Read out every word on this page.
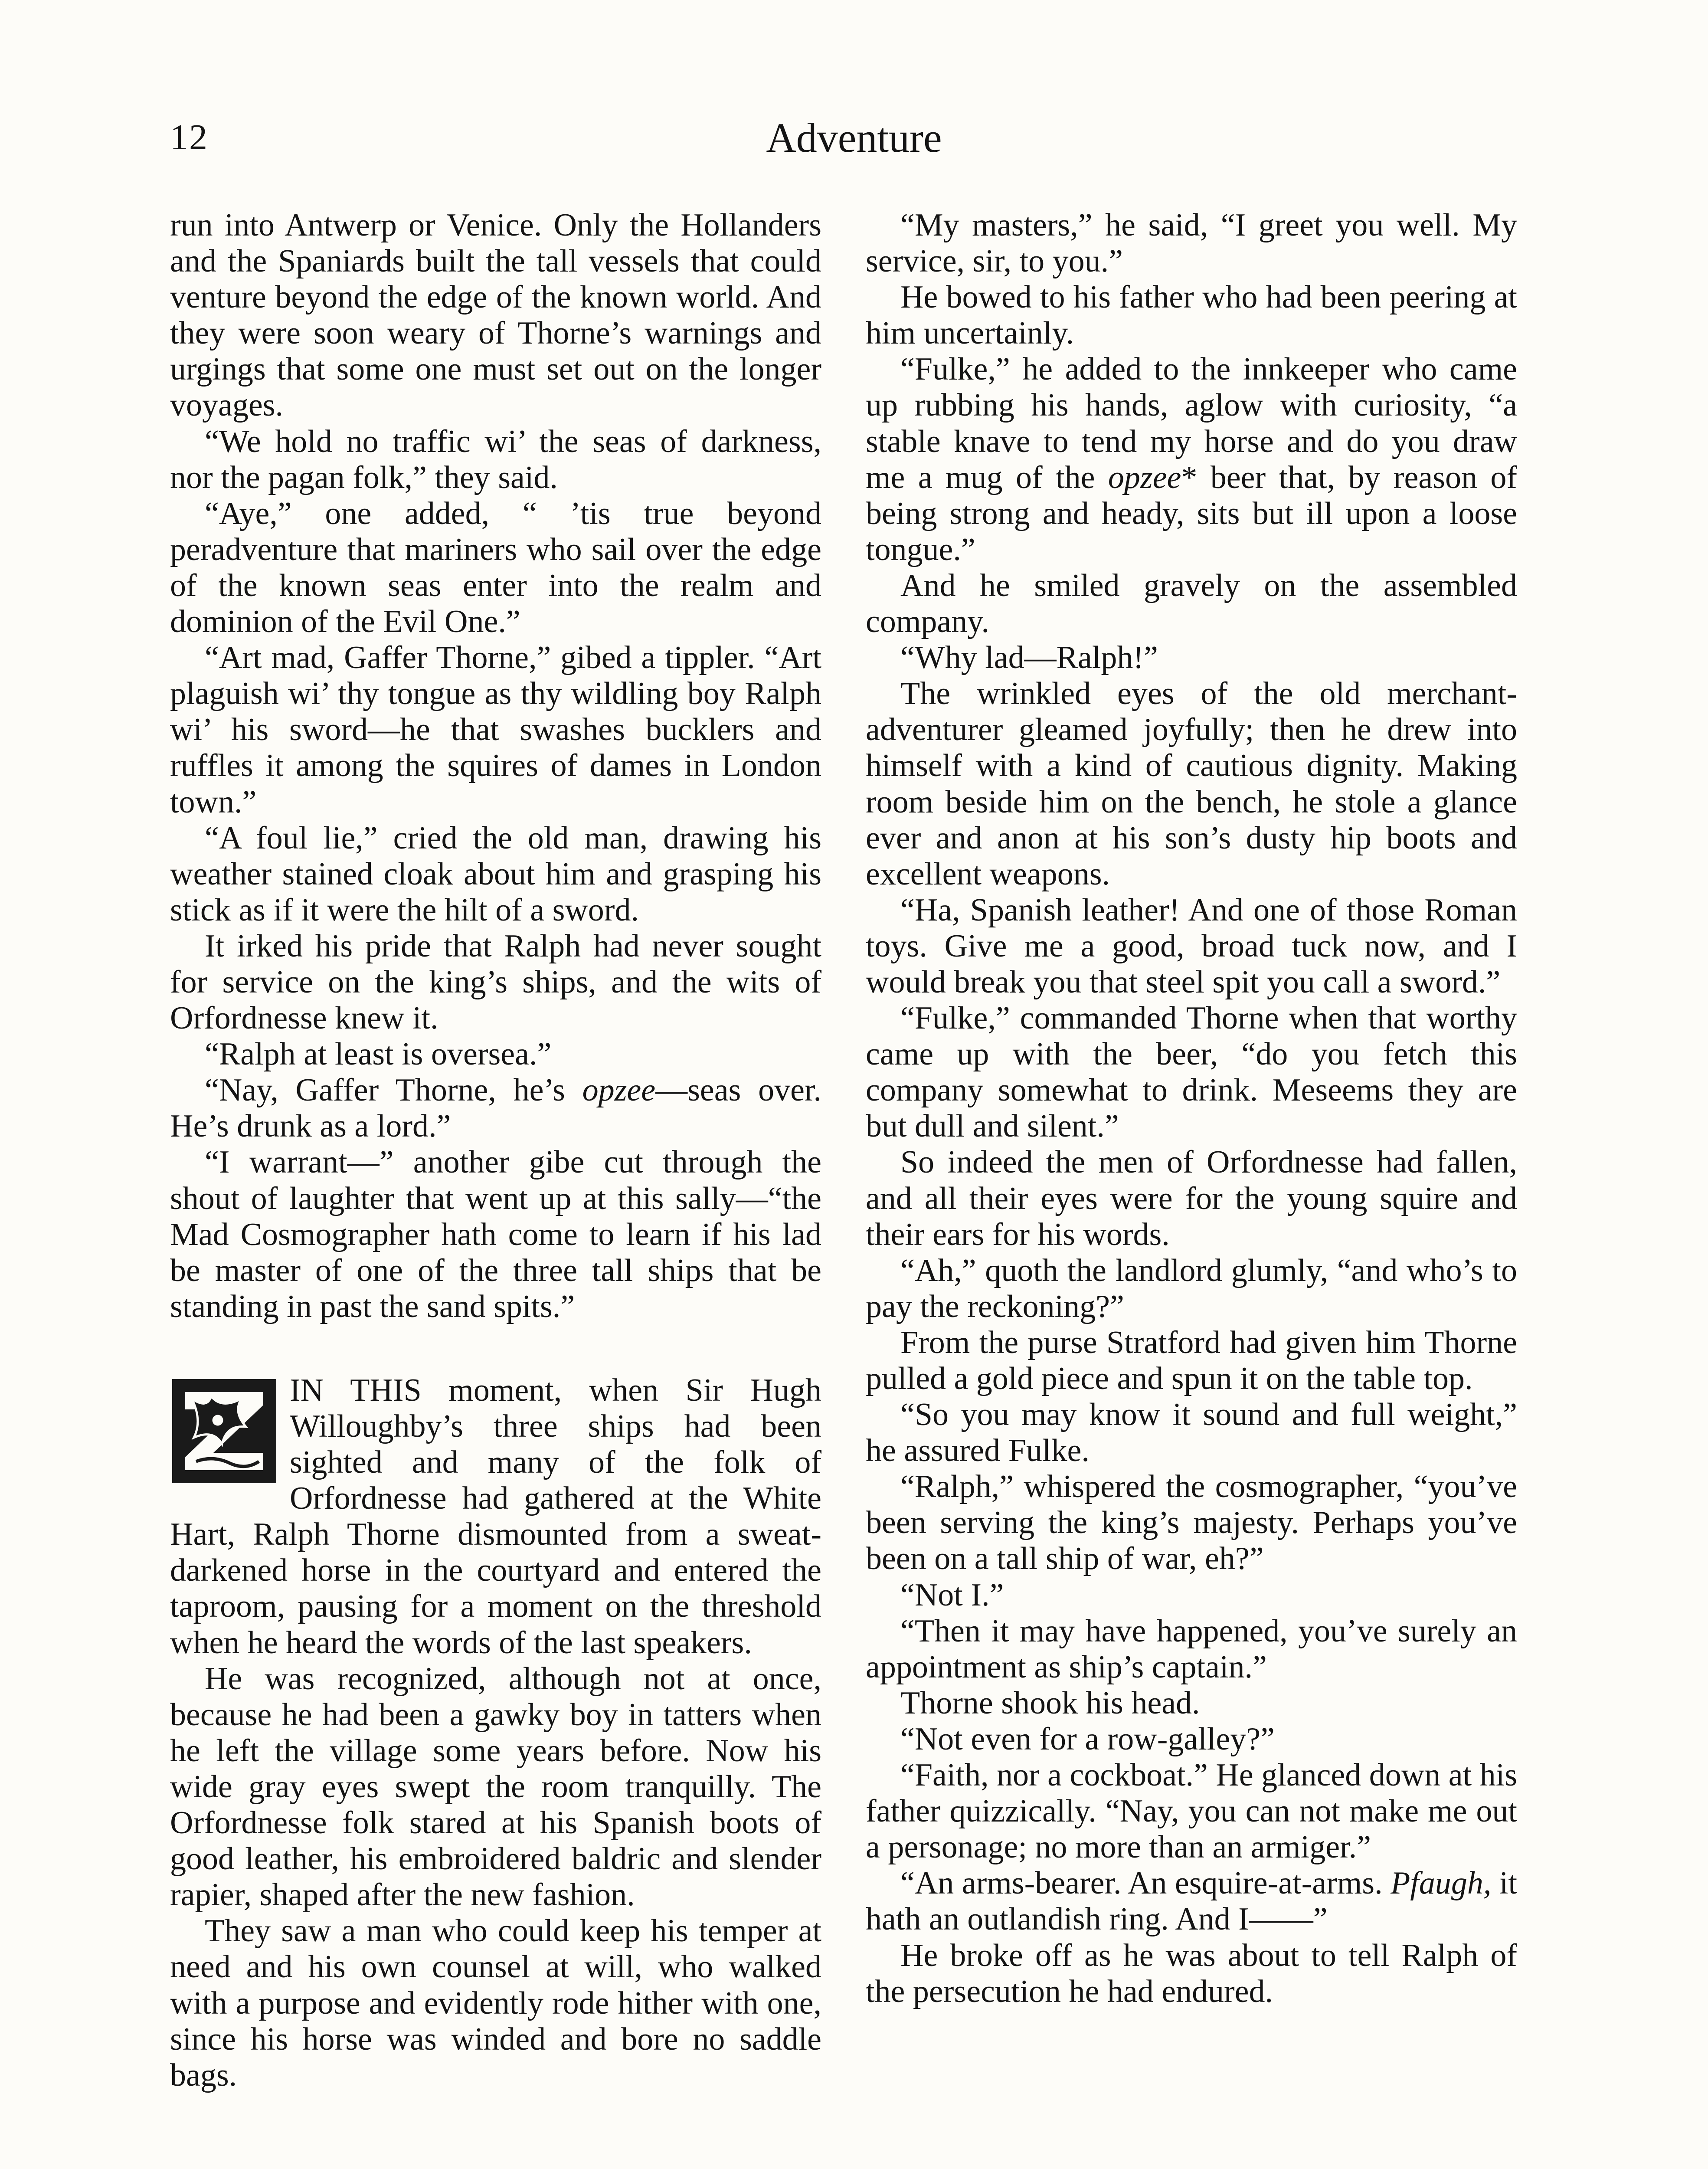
12	Adventure

run into Antwerp or Venice. Only the Hollanders and the Spaniards built the tall vessels that could venture beyond the edge of the known world. And they were soon weary of Thorne’s warnings and urgings that some one must set out on the longer voyages.

“We hold no traffic wi’ the seas of darkness, nor the pagan folk,” they said.

“Aye,” one added, “ ’tis true beyond peradventure that mariners who sail over the edge of the known seas enter into the realm and dominion of the Evil One.”

“Art mad, Gaffer Thorne,” gibed a tippler. “Art plaguish wi’ thy tongue as thy wildling boy Ralph wi’ his sword—he that swashes bucklers and ruffles it among the squires of dames in London town.”

“A foul lie,” cried the old man, drawing his weather stained cloak about him and grasping his stick as if it were the hilt of a sword.

It irked his pride that Ralph had never sought for service on the king’s ships, and the wits of Orfordnesse knew it.

“Ralph at least is oversea.”

“Nay, Gaffer Thorne, he’s opzee—seas over. He’s drunk as a lord.”

“I warrant—” another gibe cut through the shout of laughter that went up at this sally—“the Mad Cosmographer hath come to learn if his lad be master of one of the three tall ships that be standing in past the sand spits.”

IN THIS moment, when Sir Hugh Willoughby’s three ships had been sighted and many of the folk of Orfordnesse had gathered at the White Hart, Ralph Thorne dismounted from a sweat-darkened horse in the courtyard and entered the taproom, pausing for a moment on the threshold when he heard the words of the last speakers.

He was recognized, although not at once, because he had been a gawky boy in tatters when he left the village some years before. Now his wide gray eyes swept the room tranquilly. The Orfordnesse folk stared at his Spanish boots of good leather, his embroidered baldric and slender rapier, shaped after the new fashion.

They saw a man who could keep his temper at need and his own counsel at will, who walked with a purpose and evidently rode hither with one, since his horse was winded and bore no saddle bags.

“My masters,” he said, “I greet you well. My service, sir, to you.”

He bowed to his father who had been peering at him uncertainly.

“Fulke,” he added to the innkeeper who came up rubbing his hands, aglow with curiosity, “a stable knave to tend my horse and do you draw me a mug of the opzee* beer that, by reason of being strong and heady, sits but ill upon a loose tongue.”

And he smiled gravely on the assembled company.

“Why lad—Ralph!”

The wrinkled eyes of the old merchant-adventurer gleamed joyfully; then he drew into himself with a kind of cautious dignity. Making room beside him on the bench, he stole a glance ever and anon at his son’s dusty hip boots and excellent weapons.

“Ha, Spanish leather! And one of those Roman toys. Give me a good, broad tuck now, and I would break you that steel spit you call a sword.”

“Fulke,” commanded Thorne when that worthy came up with the beer, “do you fetch this company somewhat to drink. Meseems they are but dull and silent.”

So indeed the men of Orfordnesse had fallen, and all their eyes were for the young squire and their ears for his words.

“Ah,” quoth the landlord glumly, “and who’s to pay the reckoning?”

From the purse Stratford had given him Thorne pulled a gold piece and spun it on the table top.

“So you may know it sound and full weight,” he assured Fulke.

“Ralph,” whispered the cosmographer, “you’ve been serving the king’s majesty. Perhaps you’ve been on a tall ship of war, eh?”

“Not I.”

“Then it may have happened, you’ve surely an appointment as ship’s captain.”

Thorne shook his head.

“Not even for a row-galley?”

“Faith, nor a cockboat.” He glanced down at his father quizzically. “Nay, you can not make me out a personage; no more than an armiger.”

“An arms-bearer. An esquire-at-arms. Pfaugh, it hath an outlandish ring. And I——”

He broke off as he was about to tell Ralph of the persecution he had endured.
